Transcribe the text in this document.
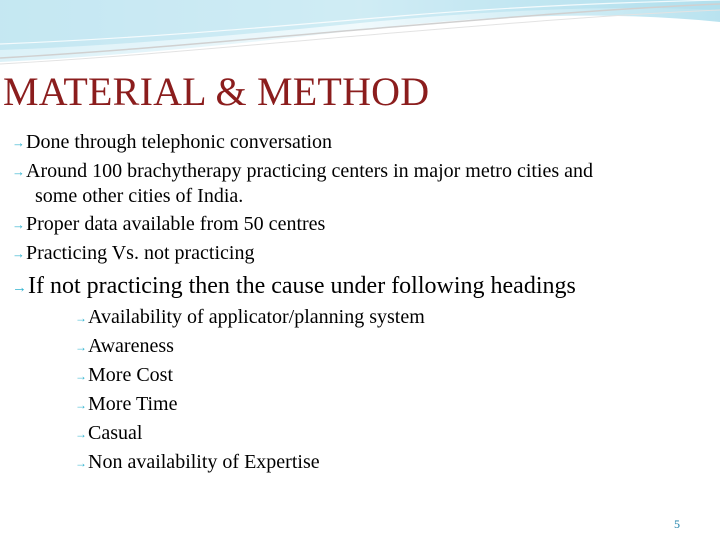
MATERIAL & METHOD
→Done through telephonic conversation
→Around 100 brachytherapy practicing centers in major metro cities and
some other cities of India.
→Proper data available from 50 centres
→Practicing Vs. not practicing
→If not practicing then the cause under following headings
→Availability of applicator/planning system
→Awareness
→More Cost
→More Time
→Casual
→Non availability of Expertise
5
